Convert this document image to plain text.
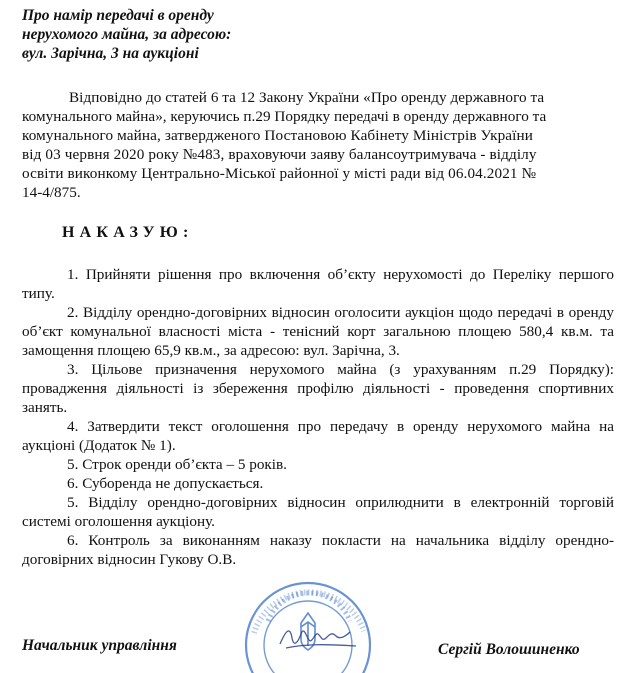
Про намір передачі в оренду
нерухомого майна, за адресою:
вул. Зарічна, 3 на аукціоні
Відповідно до статей 6 та 12 Закону України «Про оренду державного та
комунального майна», керуючись п.29 Порядку передачі в оренду державного та
комунального майна, затвердженого Постановою Кабінету Міністрів України
від 03 червня 2020 року №483, враховуючи заяву балансоутримувача - відділу
освіти виконкому Центрально-Міської районної у місті ради від 06.04.2021 №
14-4/875.
НАКАЗУЮ:
1. Прийняти рішення про включення об’єкту нерухомості до Переліку першого типу.
2. Відділу орендно-договірних відносин оголосити аукціон щодо передачі в оренду об’єкт комунальної власності міста - тенісний корт загальною площею 580,4 кв.м. та замощення площею 65,9 кв.м., за адресою: вул. Зарічна, 3.
3. Цільове призначення нерухомого майна (з урахуванням п.29 Порядку): провадження діяльності із збереження профілю діяльності - проведення спортивних занять.
4. Затвердити текст оголошення про передачу в оренду нерухомого майна на аукціоні (Додаток № 1).
5. Строк оренди об’єкта – 5 років.
6. Суборенда не допускається.
5. Відділу орендно-договірних відносин оприлюднити в електронній торговій системі оголошення аукціону.
6. Контроль за виконанням наказу покласти на начальника відділу орендно-договірних відносин Гукову О.В.
Начальник управління	Сергій Волошиненко
